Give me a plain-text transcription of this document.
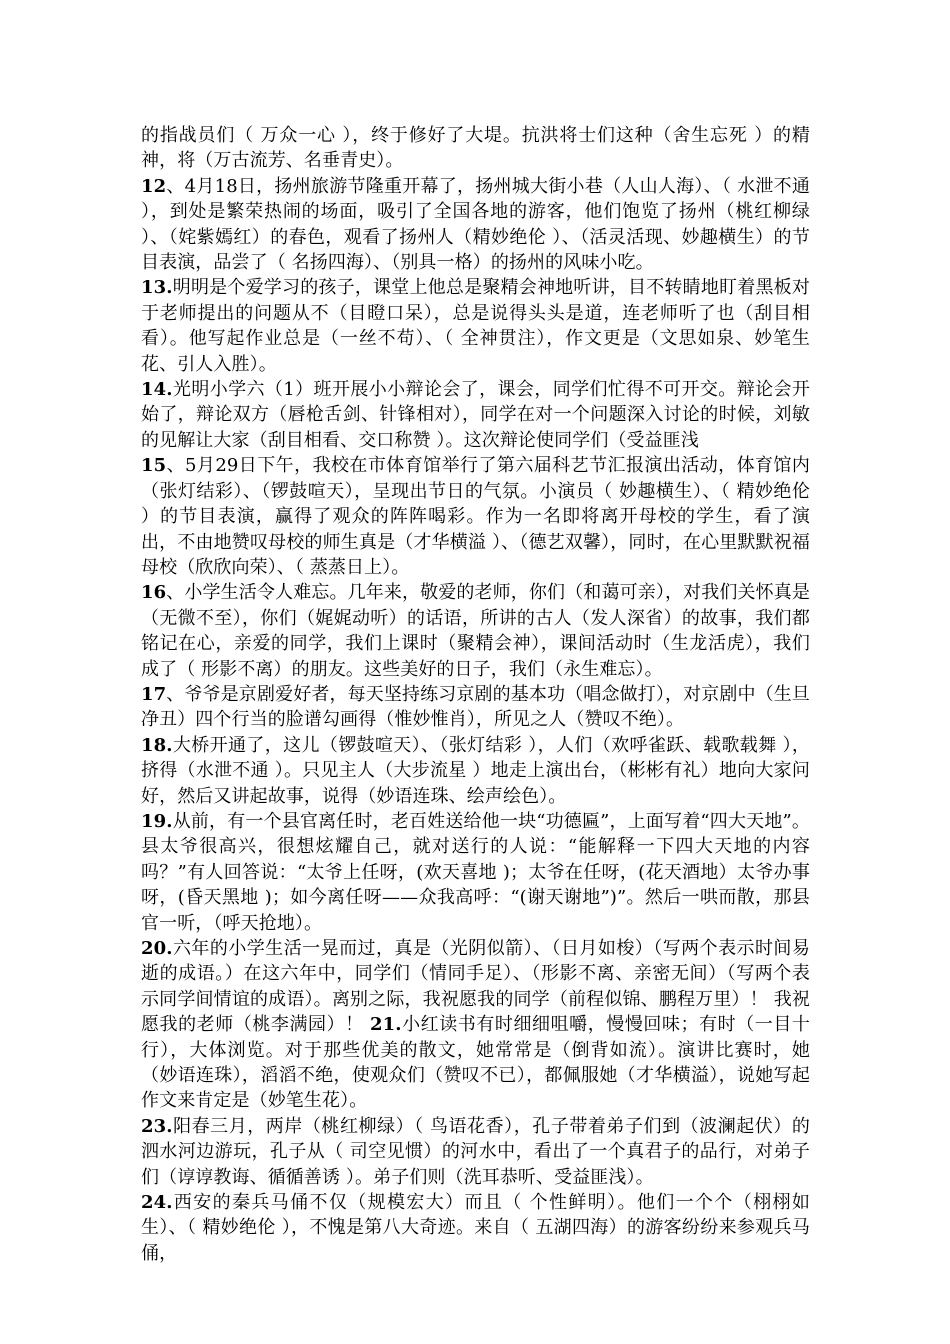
的指战员们（ 万众一心 ），终于修好了大堤。抗洪将士们这种（舍生忘死 ）的精神，将（万古流芳、名垂青史）。

12、4月18日，扬州旅游节隆重开幕了，扬州城大街小巷（人山人海）、（ 水泄不通 ），到处是繁荣热闹的场面，吸引了全国各地的游客，他们饱览了扬州（桃红柳绿 ）、（姹紫嫣红）的春色，观看了扬州人（精妙绝伦 ）、（活灵活现、妙趣横生）的节目表演，品尝了（ 名扬四海）、（别具一格）的扬州的风味小吃。

13.明明是个爱学习的孩子，课堂上他总是聚精会神地听讲，目不转睛地盯着黑板对于老师提出的问题从不（目瞪口呆），总是说得头头是道，连老师听了也（刮目相看）。他写起作业总是（一丝不苟）、（ 全神贯注），作文更是（文思如泉、妙笔生花、引人入胜）。

14.光明小学六（1）班开展小小辩论会了，课会，同学们忙得不可开交。辩论会开始了，辩论双方（唇枪舌剑、针锋相对），同学在对一个问题深入讨论的时候，刘敏的见解让大家（刮目相看、交口称赞 ）。这次辩论使同学们（受益匪浅

15、5月29日下午，我校在市体育馆举行了第六届科艺节汇报演出活动，体育馆内（张灯结彩）、（锣鼓喧天），呈现出节日的气氛。小演员（ 妙趣横生）、（ 精妙绝伦 ）的节目表演，赢得了观众的阵阵喝彩。作为一名即将离开母校的学生，看了演出，不由地赞叹母校的师生真是（才华横溢 ）、（德艺双馨），同时，在心里默默祝福母校（欣欣向荣）、（ 蒸蒸日上）。

16、小学生活令人难忘。几年来，敬爱的老师，你们（和蔼可亲），对我们关怀真是（无微不至），你们（娓娓动听）的话语，所讲的古人（发人深省）的故事，我们都铭记在心，亲爱的同学，我们上课时（聚精会神），课间活动时（生龙活虎），我们成了（ 形影不离）的朋友。这些美好的日子，我们（永生难忘）。

17、爷爷是京剧爱好者，每天坚持练习京剧的基本功（唱念做打），对京剧中（生旦净丑）四个行当的脸谱勾画得（惟妙惟肖），所见之人（赞叹不绝）。

18.大桥开通了，这儿（锣鼓喧天）、（张灯结彩 ），人们（欢呼雀跃、载歌载舞 ），挤得（水泄不通 ）。只见主人（大步流星 ）地走上演出台，（彬彬有礼）地向大家问好，然后又讲起故事，说得（妙语连珠、绘声绘色）。

19.从前，有一个县官离任时，老百姓送给他一块“功德匾”，上面写着“四大天地”。县太爷很高兴，很想炫耀自己，就对送行的人说：“能解释一下四大天地的内容吗？”有人回答说：“太爷上任呀，(欢天喜地 )；太爷在任呀，(花天酒地）太爷办事呀，(昏天黑地 )；如今离任呀——众我高呼：“(谢天谢地”)”。然后一哄而散，那县官一听，（呼天抢地）。

20.六年的小学生活一晃而过，真是（光阴似箭）、（日月如梭）（写两个表示时间易逝的成语。）在这六年中，同学们（情同手足）、（形影不离、亲密无间）（写两个表示同学间情谊的成语）。离别之际，我祝愿我的同学（前程似锦、鹏程万里）！ 我祝愿我的老师（桃李满园）！ 21.小红读书有时细细咀嚼，慢慢回味；有时（一目十行），大体浏览。对于那些优美的散文，她常常是（倒背如流）。演讲比赛时，她（妙语连珠），滔滔不绝，使观众们（赞叹不已），都佩服她（才华横溢），说她写起作文来肯定是（妙笔生花）。

23.阳春三月，两岸（桃红柳绿）（ 鸟语花香），孔子带着弟子们到（波澜起伏）的泗水河边游玩，孔子从（ 司空见惯）的河水中，看出了一个真君子的品行，对弟子们（谆谆教诲、循循善诱 ）。弟子们则（洗耳恭听、受益匪浅）。

24.西安的秦兵马俑不仅（规模宏大）而且（ 个性鲜明）。他们一个个（栩栩如生）、（ 精妙绝伦 ），不愧是第八大奇迹。来自（ 五湖四海）的游客纷纷来参观兵马俑，
